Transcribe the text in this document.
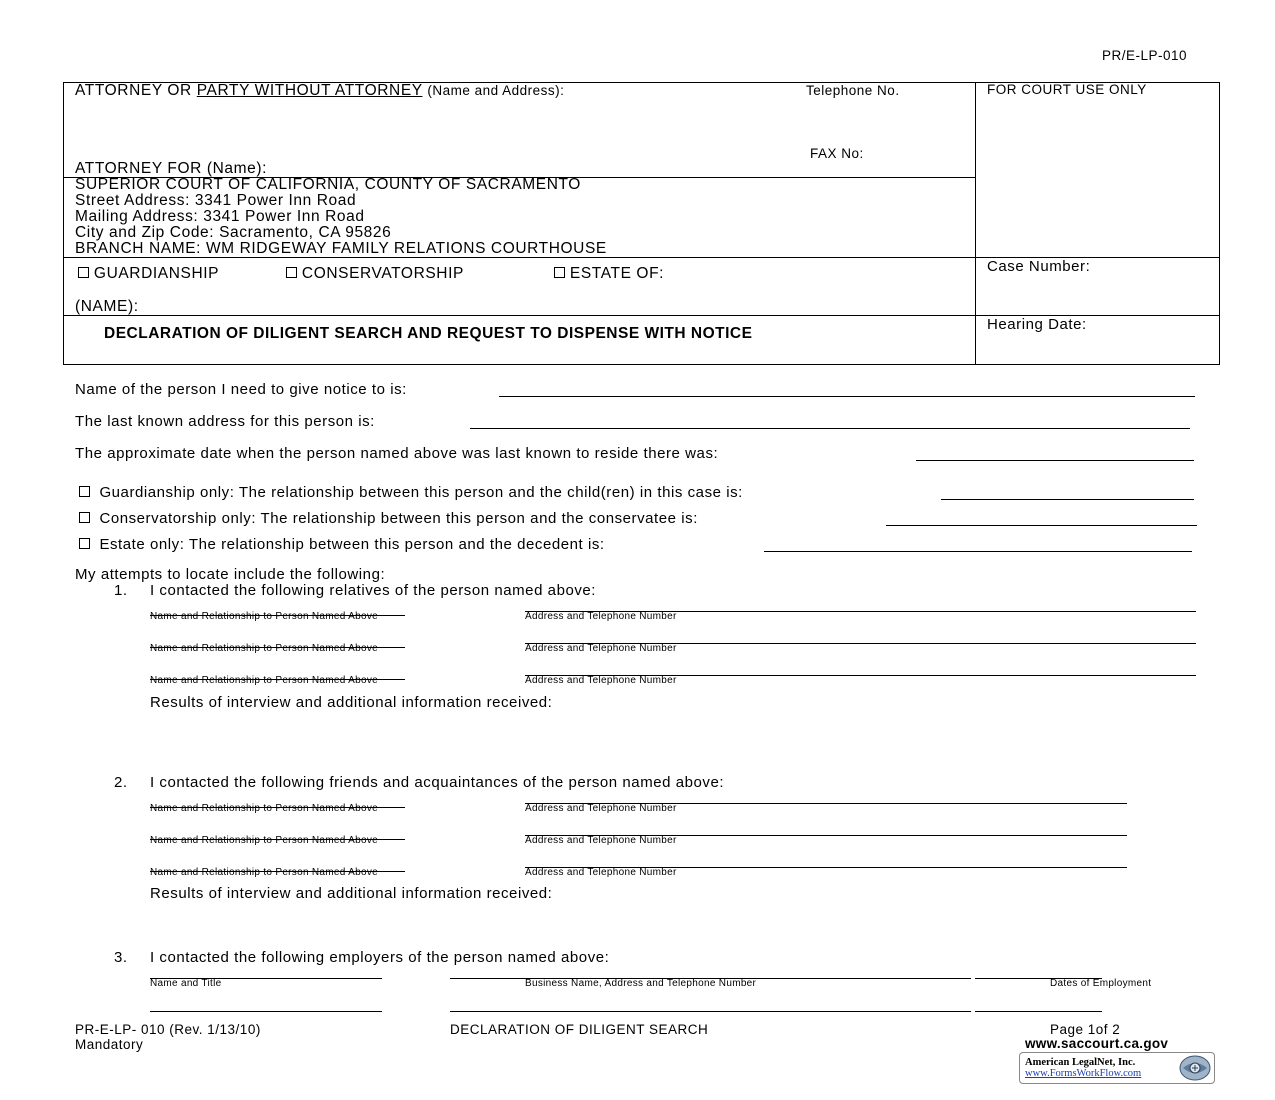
PR/E-LP-010
ATTORNEY OR PARTY WITHOUT ATTORNEY (Name and Address):	Telephone No.
FAX No:
ATTORNEY FOR (Name):
FOR COURT USE ONLY
SUPERIOR COURT OF CALIFORNIA, COUNTY OF SACRAMENTO
Street Address: 3341 Power Inn Road
Mailing Address: 3341 Power Inn Road
City and Zip Code: Sacramento, CA 95826
BRANCH NAME: WM RIDGEWAY FAMILY RELATIONS COURTHOUSE
GUARDIANSHIP	CONSERVATORSHIP	ESTATE OF:
(NAME):
Case Number:
DECLARATION OF DILIGENT SEARCH AND REQUEST TO DISPENSE WITH NOTICE
Hearing Date:
Name of the person I need to give notice to is:
The last known address for this person is:
The approximate date when the person named above was last known to reside there was:
Guardianship only: The relationship between this person and the child(ren) in this case is:
Conservatorship only: The relationship between this person and the conservatee is:
Estate only: The relationship between this person and the decedent is:
My attempts to locate include the following:
1. I contacted the following relatives of the person named above:
Name and Relationship to Person Named Above	Address and Telephone Number
Name and Relationship to Person Named Above	Address and Telephone Number
Name and Relationship to Person Named Above	Address and Telephone Number
Results of interview and additional information received:
2. I contacted the following friends and acquaintances of the person named above:
Name and Relationship to Person Named Above	Address and Telephone Number
Name and Relationship to Person Named Above	Address and Telephone Number
Name and Relationship to Person Named Above	Address and Telephone Number
Results of interview and additional information received:
3. I contacted the following employers of the person named above:
Name and Title	Business Name, Address and Telephone Number	Dates of Employment
PR-E-LP- 010 (Rev. 1/13/10)
Mandatory
DECLARATION OF DILIGENT SEARCH	Page 1of 2
www.saccourt.ca.gov
American LegalNet, Inc.
www.FormsWorkFlow.com
